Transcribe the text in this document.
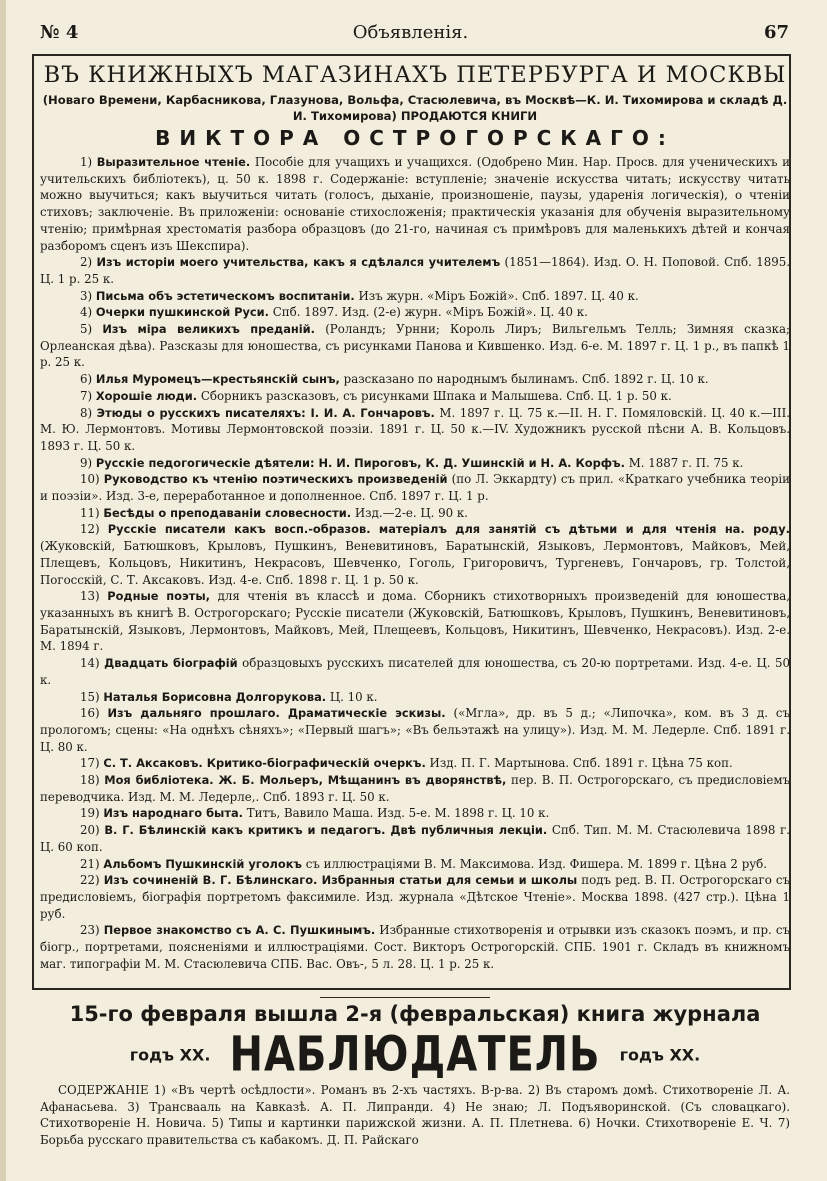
№ 4	Объявленія.	67
ВЪ КНИЖНЫХЪ МАГАЗИНАХЪ ПЕТЕРБУРГА И МОСКВЫ
(Новаго Времени, Карбасникова, Глазунова, Вольфа, Стасюлевича, въ Москвѣ—К. И. Тихомирова и складѣ Д. И. Тихомирова) ПРОДАЮТСЯ КНИГИ
ВИКТОРА ОСТРОГОРСКАГО:

1) Выразительное чтеніе. Пособіе для учащихъ и учащихся. (Одобрено Мин. Нар. Просв. для ученическихъ и учительскихъ библіотекъ), ц. 50 к. 1898 г. Содержаніе: вступленіе; значеніе искусства читать; искусству читать можно выучиться; какъ выучиться читать (голосъ, дыханіе, произношеніе, паузы, ударенія логическія), о чтеніи стиховъ; заключеніе. Въ приложеніи: основаніе стихосложенія; практическія указанія для обученія выразительному чтенію; примѣрная хрестоматія разбора образцовъ (до 21-го, начиная съ примѣровъ для маленькихъ дѣтей и кончая разборомъ сценъ изъ Шекспира).

2) Изъ исторіи моего учительства, какъ я сдѣлался учителемъ (1851—1864). Изд. О. Н. Поповой. Спб. 1895. Ц. 1 р. 25 к.

3) Письма объ эстетическомъ воспитаніи. Изъ журн. «Міръ Божій». Спб. 1897. Ц. 40 к.

4) Очерки пушкинской Руси. Спб. 1897. Изд. (2-е) журн. «Міръ Божій». Ц. 40 к.

5) Изъ міра великихъ преданій. (Роландъ; Урнни; Король Лиръ; Вильгельмъ Телль; Зимняя сказка; Орлеанская дѣва). Разсказы для юношества, съ рисунками Панова и Кившенко. Изд. 6-е. М. 1897 г. Ц. 1 р., въ папкѣ 1 р. 25 к.

6) Илья Муромецъ—крестьянскій сынъ, разсказано по народнымъ былинамъ. Спб. 1892 г. Ц. 10 к.

7) Хорошіе люди. Сборникъ разсказовъ, съ рисунками Шпака и Малышева. Спб. Ц. 1 р. 50 к.

8) Этюды о русскихъ писателяхъ: I. И. А. Гончаровъ. М. 1897 г. Ц. 75 к.—II. Н. Г. Помяловскій. Ц. 40 к.—III. М. Ю. Лермонтовъ. Мотивы Лермонтовской поэзіи. 1891 г. Ц. 50 к.—IV. Художникъ русской пѣсни А. В. Кольцовъ. 1893 г. Ц. 50 к.

9) Русскіе педогогическіе дѣятели: Н. И. Пироговъ, К. Д. Ушинскій и Н. А. Корфъ. М. 1887 г. П. 75 к.

10) Руководство къ чтенію поэтическихъ произведеній (по Л. Эккардту) съ прил. «Краткаго учебника теоріи и поэзіи». Изд. 3-е, переработанное и дополненное. Спб. 1897 г. Ц. 1 р.

11) Бесѣды о преподаваніи словесности. Изд.—2-е. Ц. 90 к.

12) Русскіе писатели какъ восп.-образов. матеріалъ для занятій съ дѣтьми и для чтенія на. роду. (Жуковскій, Батюшковъ, Крыловъ, Пушкинъ, Веневитиновъ, Баратынскій, Языковъ, Лермонтовъ, Майковъ, Мей, Плещевъ, Кольцовъ, Никитинъ, Некрасовъ, Шевченко, Гоголь, Григоровичъ, Тургеневъ, Гончаровъ, гр. Толстой, Погосскій, С. Т. Аксаковъ. Изд. 4-е. Спб. 1898 г. Ц. 1 р. 50 к.

13) Родные поэты, для чтенія въ классѣ и дома. Сборникъ стихотворныхъ произведеній для юношества, указанныхъ въ книгѣ В. Острогорскаго; Русскіе писатели (Жуковскій, Батюшковъ, Крыловъ, Пушкинъ, Веневитиновъ, Баратынскій, Языковъ, Лермонтовъ, Майковъ, Мей, Плещеевъ, Кольцовъ, Никитинъ, Шевченко, Некрасовъ). Изд. 2-е. М. 1894 г.

14) Двадцать біографій образцовыхъ русскихъ писателей для юношества, съ 20-ю портретами. Изд. 4-е. Ц. 50 к.

15) Наталья Борисовна Долгорукова. Ц. 10 к.

16) Изъ дальняго прошлаго. Драматическіе эскизы. («Мгла», др. въ 5 д.; «Липочка», ком. въ 3 д. съ прологомъ; сцены: «На однѣхъ сѣняхъ»; «Первый шагъ»; «Въ бельэтажѣ на улицу»). Изд. М. М. Ледерле. Спб. 1891 г. Ц. 80 к.

17) С. Т. Аксаковъ. Критико-біографическій очеркъ. Изд. П. Г. Мартынова. Спб. 1891 г. Цѣна 75 коп.

18) Моя библіотека. Ж. Б. Мольеръ, Мѣщанинъ въ дворянствѣ, пер. В. П. Острогорскаго, съ предисловіемъ переводчика. Изд. М. М. Ледерле,. Спб. 1893 г. Ц. 50 к.

19) Изъ народнаго быта. Титъ, Вавило Маша. Изд. 5-е. М. 1898 г. Ц. 10 к.

20) В. Г. Бѣлинскій какъ критикъ и педагогъ. Двѣ публичныя лекціи. Спб. Тип. М. М. Стасюлевича 1898 г. Ц. 60 коп.

21) Альбомъ Пушкинскій уголокъ съ иллюстраціями В. М. Максимова. Изд. Фишера. М. 1899 г. Цѣна 2 руб.

22) Изъ сочиненій В. Г. Бѣлинскаго. Избранныя статьи для семьи и школы подъ ред. В. П. Острогорскаго съ предисловіемъ, біографія портретомъ факсимиле. Изд. журнала «Дѣтское Чтеніе». Москва 1898. (427 стр.). Цѣна 1 руб.

23) Первое знакомство съ А. С. Пушкинымъ. Избранные стихотворенія и отрывки изъ сказокъ поэмъ, и пр. съ біогр., портретами, поясненіями и иллюстраціями. Сост. Викторъ Острогорскій. СПБ. 1901 г. Складъ въ книжномъ маг. типографіи М. М. Стасюлевича СПБ. Вас. Овъ-, 5 л. 28. Ц. 1 р. 25 к.

15-го февраля вышла 2-я (февральская) книга журнала
годъ XX. НАБЛЮДАТЕЛЬ годъ XX.

СОДЕРЖАНІЕ 1) «Въ чертѣ осѣдлости». Романъ въ 2-хъ частяхъ. В-р-ва. 2) Въ старомъ домѣ. Стихотвореніе Л. А. Афанасьева. 3) Трансвааль на Кавказѣ. А. П. Липранди. 4) Не знаю; Л. Подъяворинской. (Съ словацкаго). Стихотвореніе Н. Новича. 5) Типы и картинки парижской жизни. А. П. Плетнева. 6) Ночки. Стихотвореніе Е. Ч. 7) Борьба русскаго правительства съ кабакомъ. Д. П. Райскаго
